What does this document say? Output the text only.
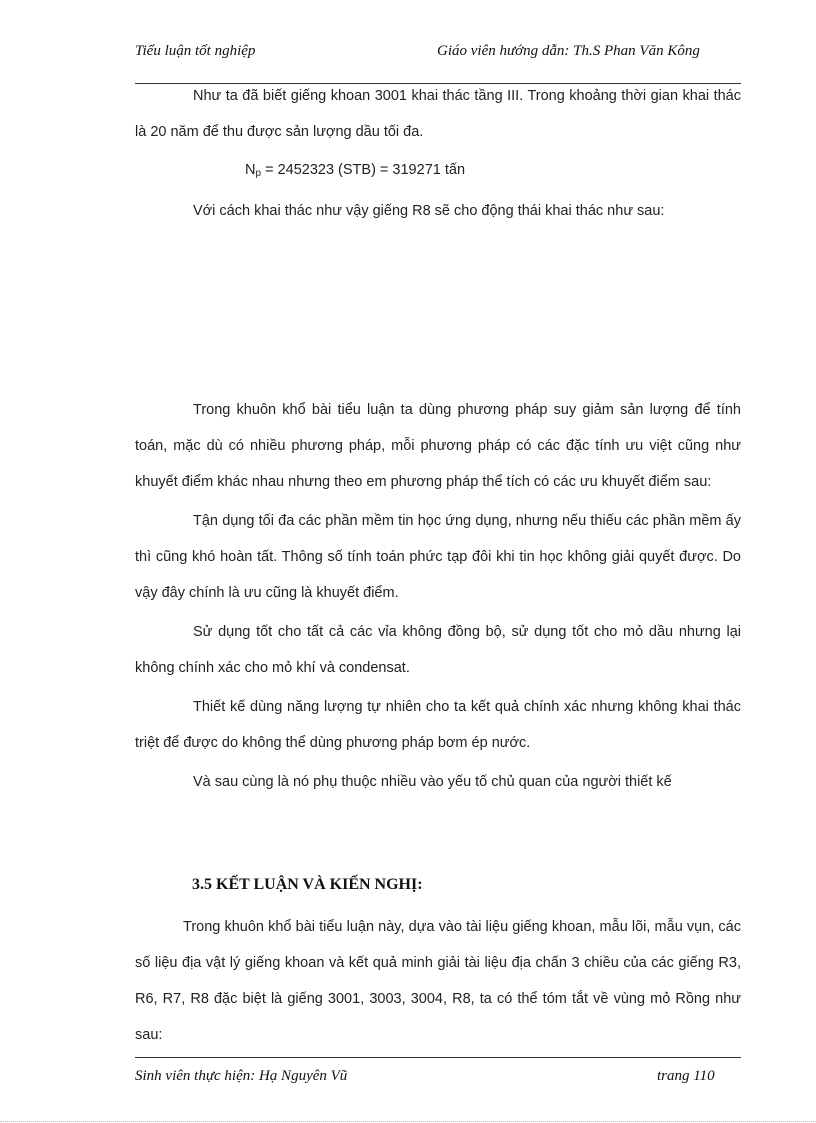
Tiểu luận tốt nghiệp	Giáo viên hướng dẫn: Th.S Phan Văn Kông

Như ta đã biết giếng khoan 3001 khai thác tầng III. Trong khoảng thời gian khai thác là 20 năm để thu được sản lượng dầu tối đa.

$N_p = 2452323$ (STB) = 319271 tấn

Với cách khai thác như vậy giếng R8 sẽ cho động thái khai thác như sau:

Trong khuôn khổ bài tiểu luận ta dùng phương pháp suy giảm sản lượng để tính toán, mặc dù có nhiều phương pháp, mỗi phương pháp có các đặc tính ưu việt cũng như khuyết điểm khác nhau nhưng theo em phương pháp thể tích có các ưu khuyết điểm sau:

Tận dụng tối đa các phần mềm tin học ứng dụng, nhưng nếu thiếu các phần mềm ấy thì cũng khó hoàn tất. Thông số tính toán phức tạp đôi khi tin học không giải quyết được. Do vậy đây chính là ưu cũng là khuyết điểm.

Sử dụng tốt cho tất cả các vỉa không đồng bộ, sử dụng tốt cho mỏ dầu nhưng lại không chính xác cho mỏ khí và condensat.

Thiết kế dùng năng lượng tự nhiên cho ta kết quả chính xác nhưng không khai thác triệt để được do không thể dùng phương pháp bơm ép nước.

Và sau cùng là nó phụ thuộc nhiều vào yếu tố chủ quan của người thiết kế

3.5 KẾT LUẬN VÀ KIẾN NGHỊ:

Trong khuôn khổ bài tiểu luận này, dựa vào tài liệu giếng khoan, mẫu lõi, mẫu vụn, các số liệu địa vật lý giếng khoan và kết quả minh giải tài liệu địa chấn 3 chiều của các giếng R3, R6, R7, R8 đặc biệt là giếng 3001, 3003, 3004, R8, ta có thể tóm tắt về vùng mỏ Rồng như sau:

Sinh viên thực hiện: Hạ Nguyên Vũ	trang 110
